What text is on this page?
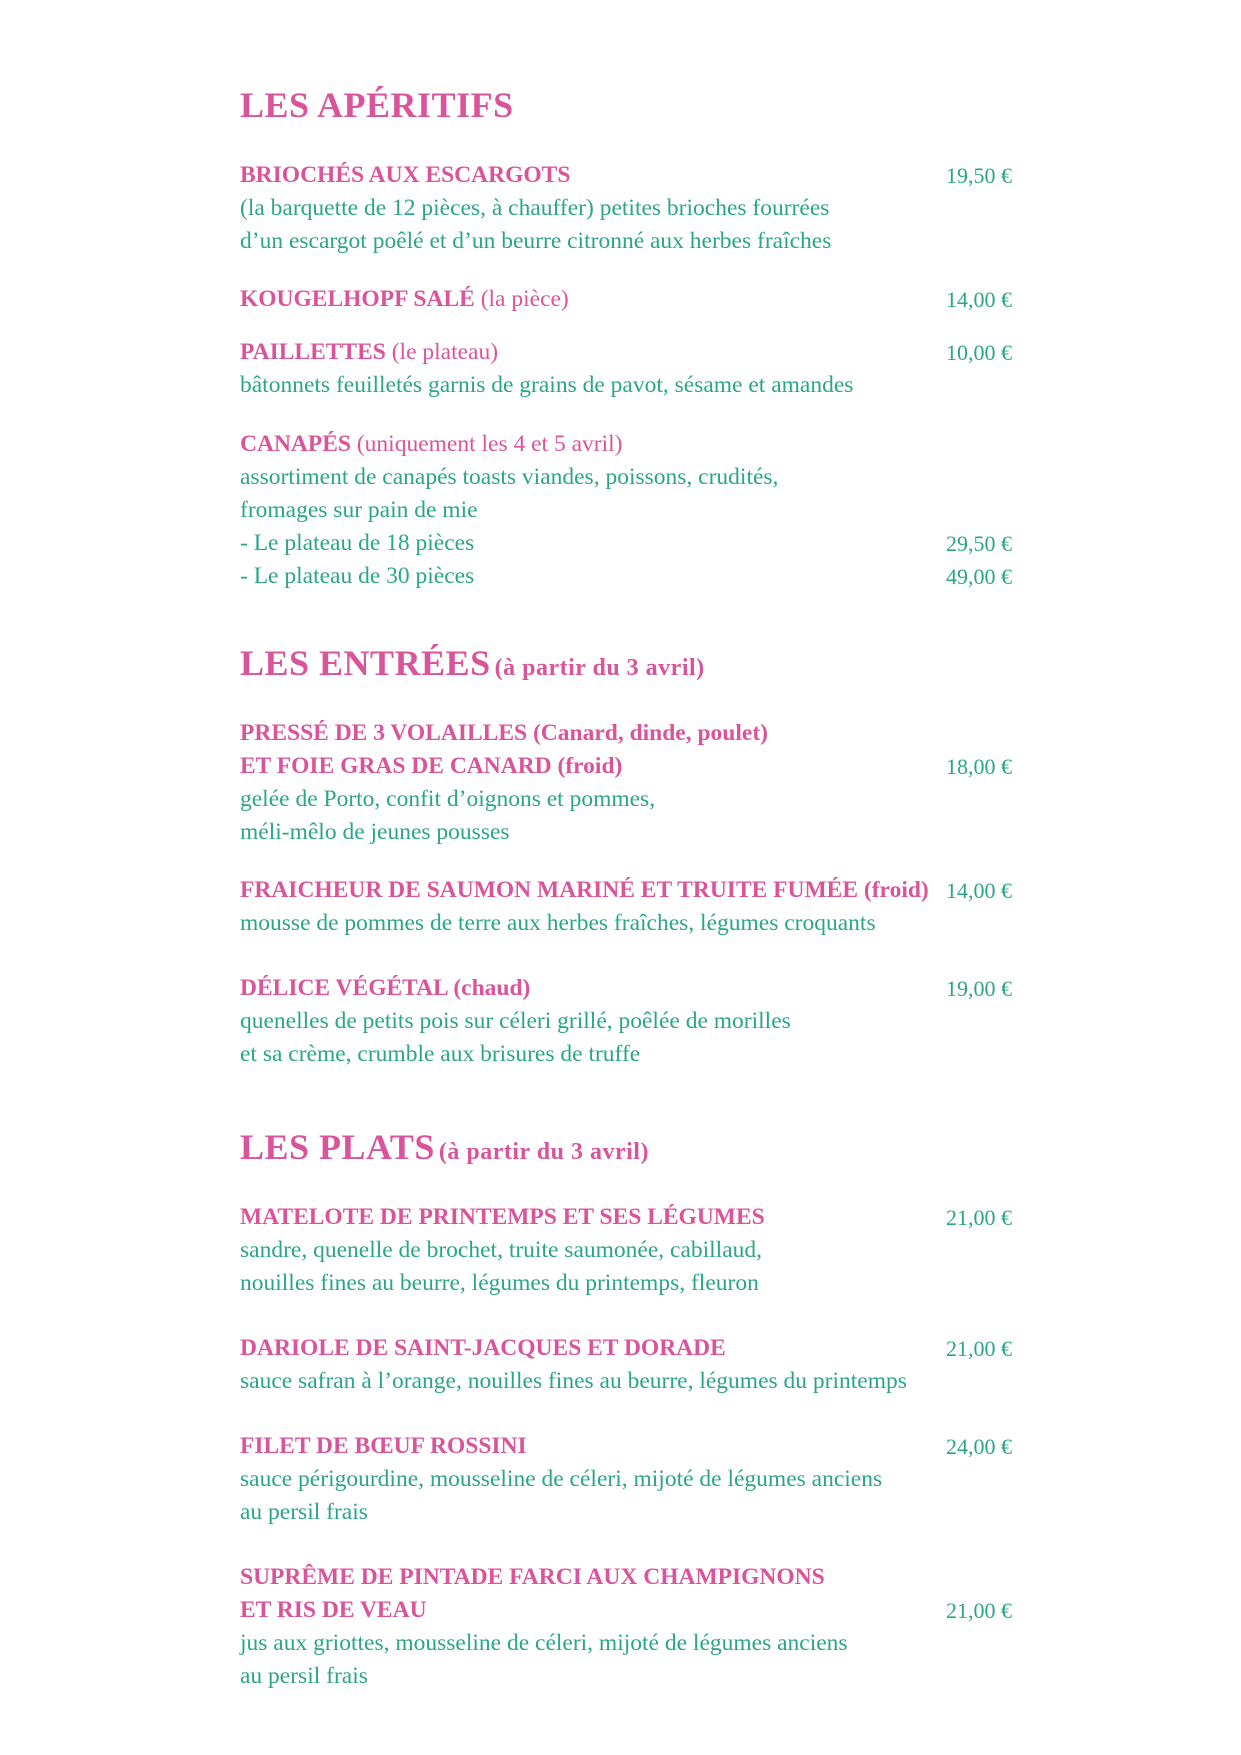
LES APÉRITIFS
BRIOCHÉS AUX ESCARGOTS	19,50 €
(la barquette de 12 pièces, à chauffer) petites brioches fourrées
d’un escargot poêlé et d’un beurre citronné aux herbes fraîches
KOUGELHOPF SALÉ (la pièce)	14,00 €
PAILLETTES (le plateau)	10,00 €
bâtonnets feuilletés garnis de grains de pavot, sésame et amandes
CANAPÉS (uniquement les 4 et 5 avril)
assortiment de canapés toasts viandes, poissons, crudités,
fromages sur pain de mie
- Le plateau de 18 pièces	29,50 €
- Le plateau de 30 pièces	49,00 €
LES ENTRÉES (à partir du 3 avril)
PRESSÉ DE 3 VOLAILLES (Canard, dinde, poulet)
ET FOIE GRAS DE CANARD (froid)	18,00 €
gelée de Porto, confit d’oignons et pommes,
méli-mêlo de jeunes pousses
FRAICHEUR DE SAUMON MARINÉ ET TRUITE FUMÉE (froid) 14,00 €
mousse de pommes de terre aux herbes fraîches, légumes croquants
DÉLICE VÉGÉTAL (chaud)	19,00 €
quenelles de petits pois sur céleri grillé, poêlée de morilles
et sa crème, crumble aux brisures de truffe
LES PLATS (à partir du 3 avril)
MATELOTE DE PRINTEMPS ET SES LÉGUMES	21,00 €
sandre, quenelle de brochet, truite saumonée, cabillaud,
nouilles fines au beurre, légumes du printemps, fleuron
DARIOLE DE SAINT-JACQUES ET DORADE	21,00 €
sauce safran à l’orange, nouilles fines au beurre, légumes du printemps
FILET DE BŒUF ROSSINI	24,00 €
sauce périgourdine, mousseline de céleri, mijoté de légumes anciens
au persil frais
SUPRÊME DE PINTADE FARCI AUX CHAMPIGNONS
ET RIS DE VEAU	21,00 €
jus aux griottes, mousseline de céleri, mijoté de légumes anciens
au persil frais
